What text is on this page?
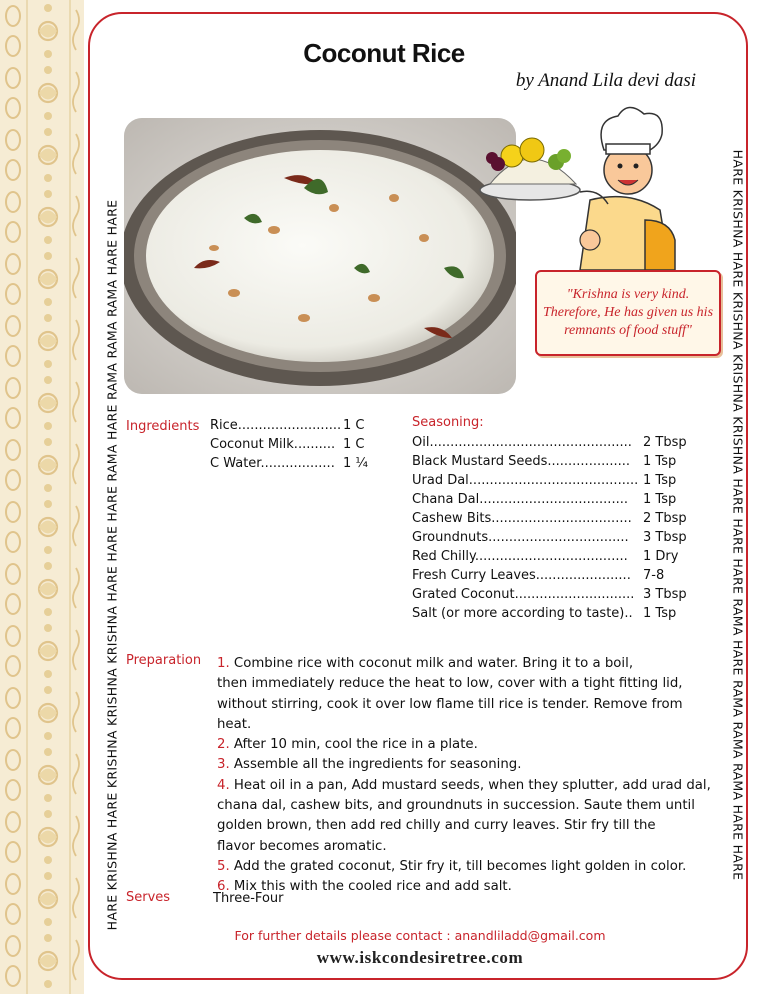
Coconut Rice
by Anand Lila devi dasi
HARE KRISHNA HARE KRISHNA KRISHNA KRISHNA HARE HARE HARE RAMA HARE RAMA RAMA RAMA HARE HARE	HARE KRISHNA HARE KRISHNA KRISHNA KRISHNA HARE HARE HARE RAMA HARE RAMA RAMA RAMA HARE HARE
"Krishna is very kind. Therefore, He has given us his remnants of food stuff"
Ingredients Rice......................... 1 C
Coconut Milk.......... 1 C
C Water.................. 1 ¼
Seasoning:
Oil................................................. 2 Tbsp
Black Mustard Seeds.................... 1 Tsp
Urad Dal......................................... 1 Tsp
Chana Dal.................................... 1 Tsp
Cashew Bits.................................. 2 Tbsp
Groundnuts.................................. 3 Tbsp
Red Chilly..................................... 1 Dry
Fresh Curry Leaves....................... 7-8
Grated Coconut............................. 3 Tbsp
Salt (or more according to taste).. 1 Tsp
Preparation 1. Combine rice with coconut milk and water. Bring it to a boil,
then immediately reduce the heat to low, cover with a tight fitting lid,
without stirring, cook it over low flame till rice is tender. Remove from heat.

2. After 10 min, cool the rice in a plate.

3. Assemble all the ingredients for seasoning.

4. Heat oil in a pan, Add mustard seeds, when they splutter, add urad dal,
chana dal, cashew bits, and groundnuts in succession. Saute them until
golden brown, then add red chilly and curry leaves. Stir fry till the
flavor becomes aromatic.

5. Add the grated coconut, Stir fry it, till becomes light golden in color.

6. Mix this with the cooled rice and add salt.

Serves	Three-Four
For further details please contact : anandliladd@gmail.com
www.iskcondesiretree.com
